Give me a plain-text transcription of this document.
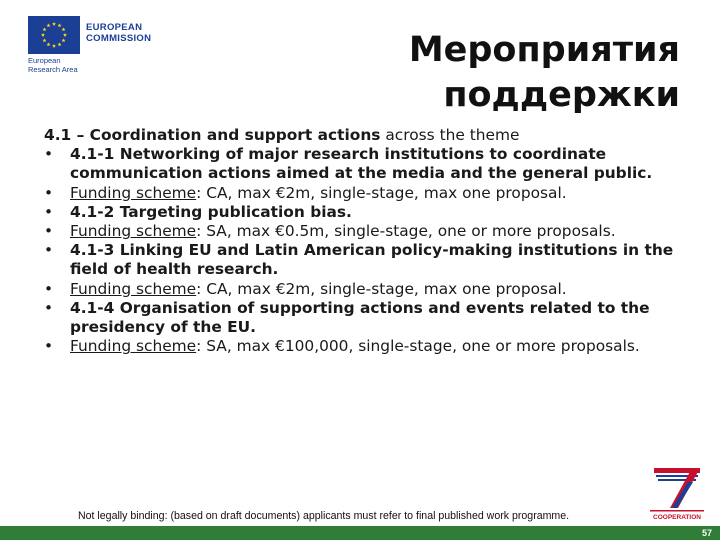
EUROPEAN
COMMISSION
European
Research Area	Мероприятия
поддержки

4.1 – Coordination and support actions across the theme

• 4.1-1 Networking of major research institutions to coordinate communication actions aimed at the media and the general public.
• Funding scheme: CA, max €2m, single-stage, max one proposal.
• 4.1-2 Targeting publication bias.
• Funding scheme: SA, max €0.5m, single-stage, one or more proposals.
• 4.1-3 Linking EU and Latin American policy-making institutions in the field of health research.
• Funding scheme: CA, max €2m, single-stage, max one proposal.
• 4.1-4 Organisation of supporting actions and events related to the presidency of the EU.
• Funding scheme: SA, max €100,000, single-stage, one or more proposals.
Not legally binding: (based on draft documents) applicants must refer to final published work programme.	COOPERATION
57
